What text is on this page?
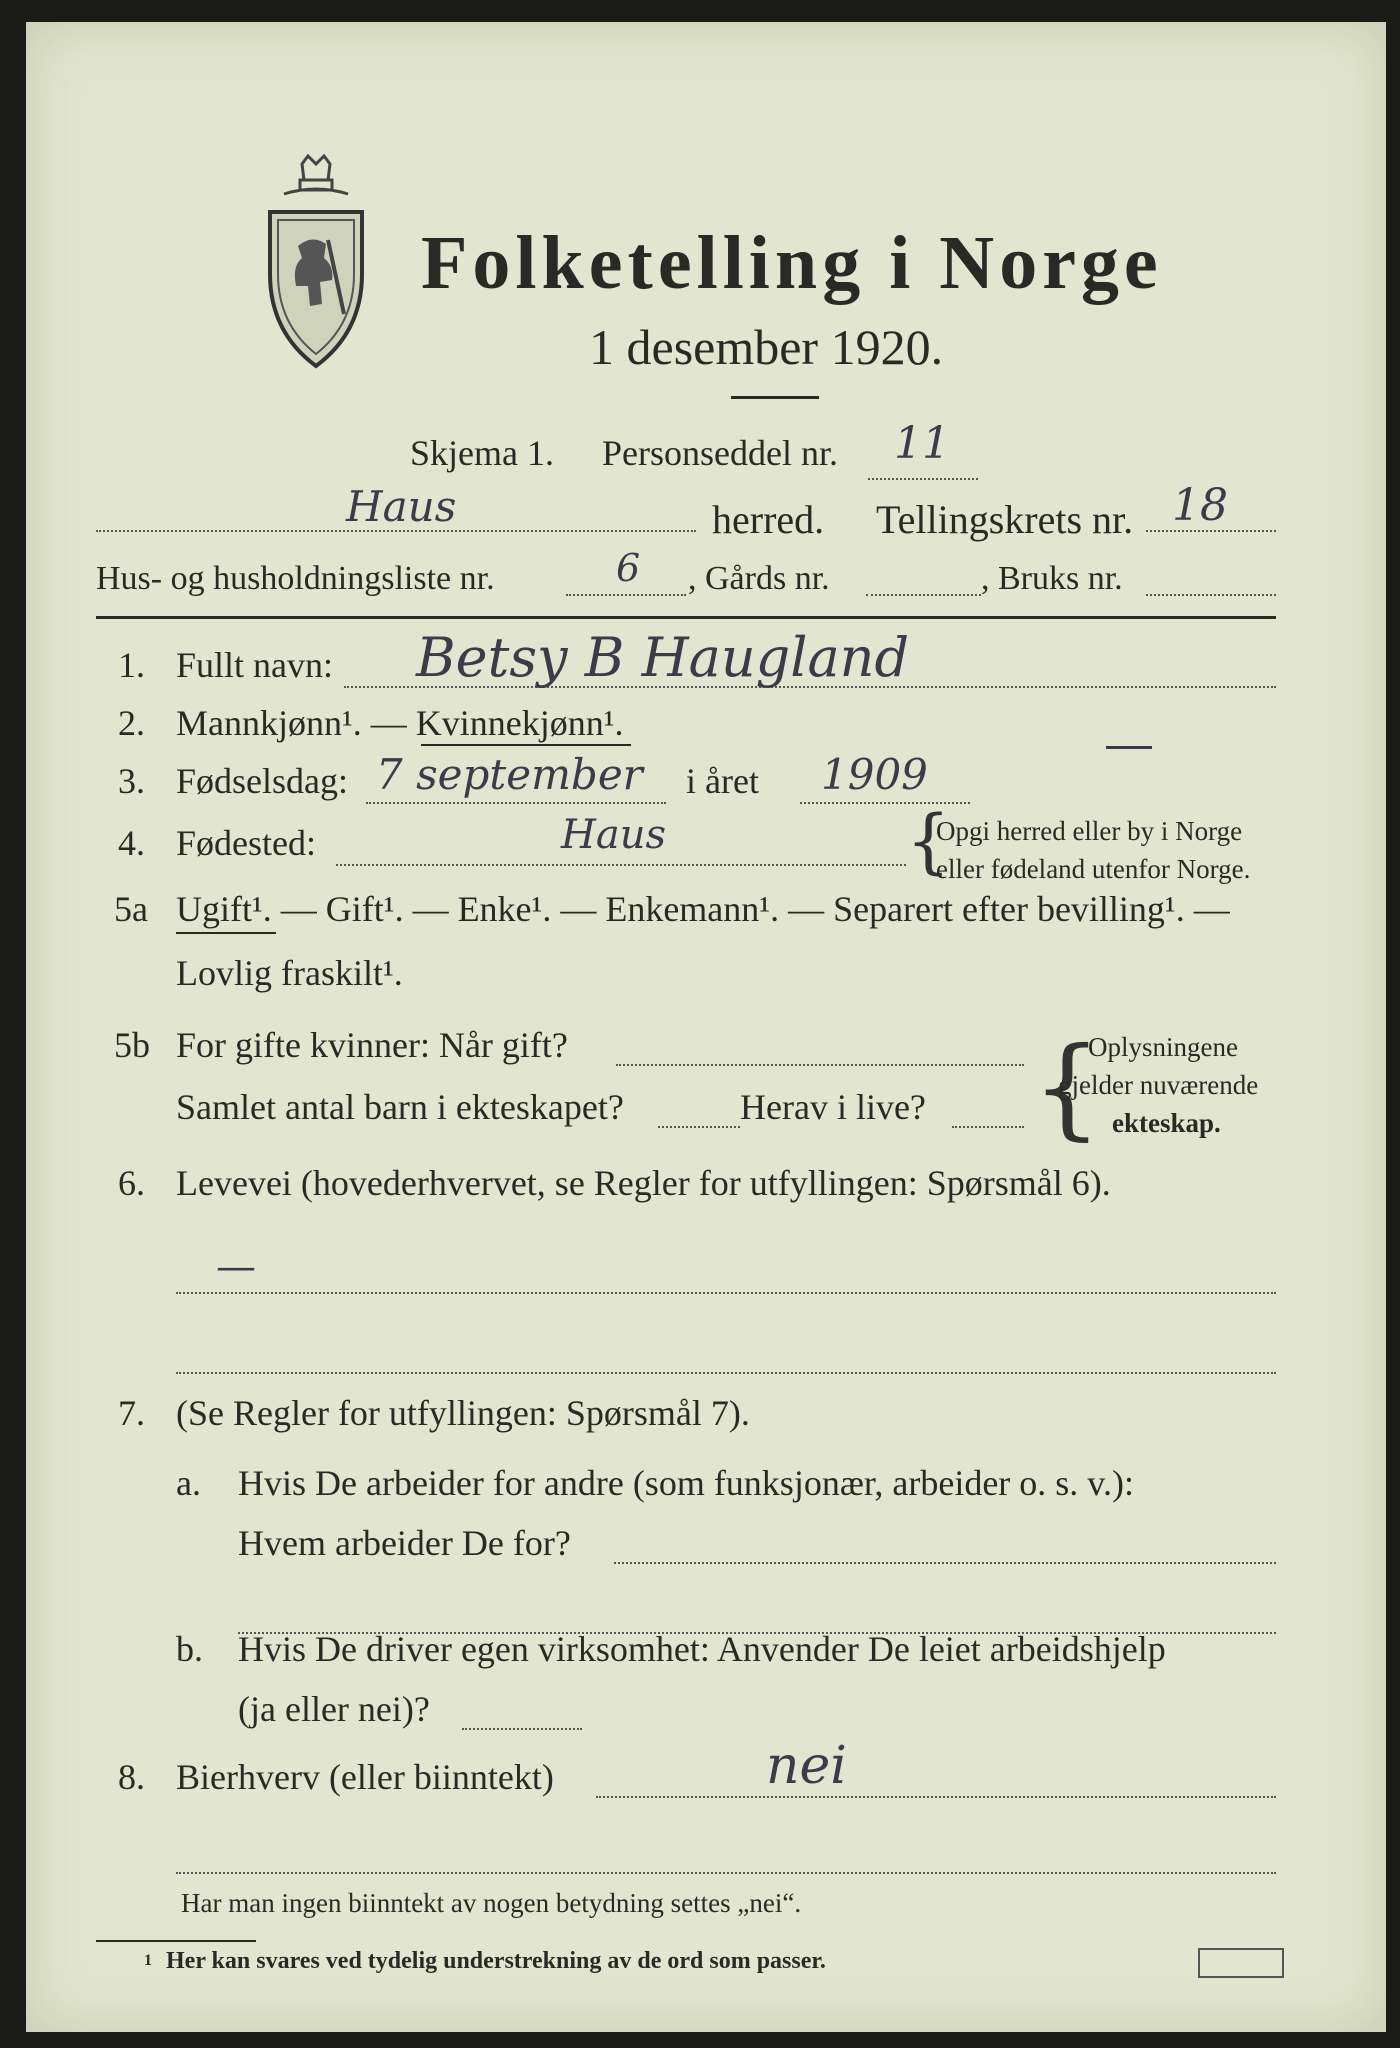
Folketelling i Norge
1 desember 1920.
Skjema 1. Personseddel nr. 11
Haus	herred. Tellingskrets nr. 18
Hus- og husholdningsliste nr.	6 , Gårds nr.	, Bruks nr.
1. Fullt navn: Betsy B Haugland
2. Mannkjønn¹. — Kvinnekjønn¹.
3. Fødselsdag: 7 september i året 1909
4. Fødested:	Haus	{
Opgi herred eller by i Norge
eller fødeland utenfor Norge.
5a Ugift¹. — Gift¹. — Enke¹. — Enkemann¹. — Separert efter bevilling¹. —
Lovlig fraskilt¹.
5b For gifte kvinner: Når gift?
Samlet antal barn i ekteskapet?	Herav i live? {
Oplysningene
gjelder nuværende
ekteskap.
6. Levevei (hovederhvervet, se Regler for utfyllingen: Spørsmål 6).
—
7. (Se Regler for utfyllingen: Spørsmål 7).
a. Hvis De arbeider for andre (som funksjonær, arbeider o. s. v.):
Hvem arbeider De for?
b. Hvis De driver egen virksomhet: Anvender De leiet arbeidshjelp
(ja eller nei)?
8. Bierhverv (eller biinntekt)	nei
Har man ingen biinntekt av nogen betydning settes „nei“.
1 Her kan svares ved tydelig understrekning av de ord som passer.
